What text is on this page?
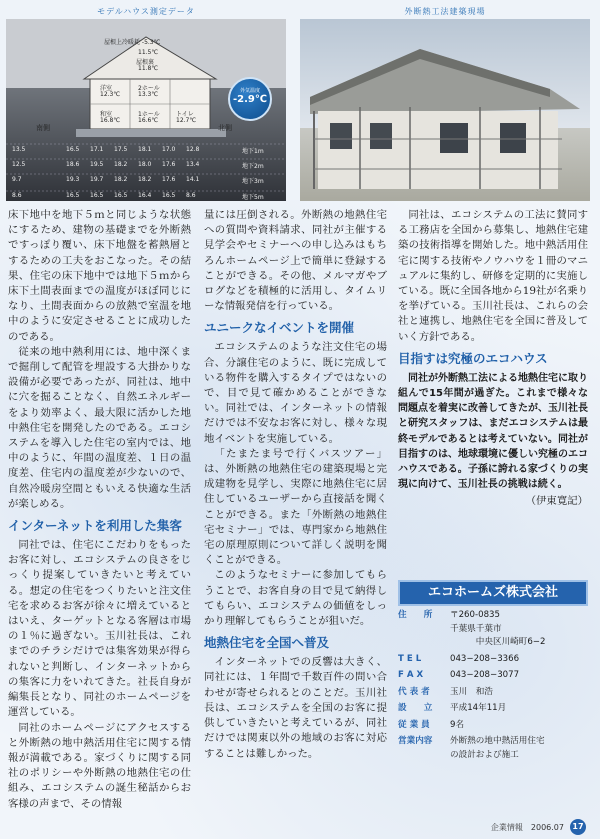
モデルハウス測定データ
屋根上冷暖耗 -5.3℃
11.5℃
屋根裏
11.8℃
洋室
12.3℃
2ホール
13.3℃
和室
16.8℃
1ホール
16.6℃
トイレ
12.7℃
外気温度
-2.9℃
南側	北側
13.5	16.5 17.1 17.5 18.1 17.0 12.8	地下1m
12.5	18.6 19.5 18.2 18.0 17.6 13.4	地下2m
9.7	19.3 19.7 18.2 18.2 17.6 14.1	地下3m
8.6	16.5 16.5 16.5 16.4 16.5 8.6	地下5m
外断熱工法建築現場

床下地中を地下５ｍと同じような状態にするため、建物の基礎までを外断熱ですっぽり覆い、床下地盤を蓄熱層とするための工夫をおこなった。その結果、住宅の床下地中では地下５ｍから床下土間表面までの温度がほぼ同じになり、土間表面からの放熱で室温を地中のように安定させることに成功したのである。

従来の地中熱利用には、地中深くまで掘削して配管を埋設する大掛かりな設備が必要であったが、同社は、地中に穴を掘ることなく、自然エネルギーをより効率よく、最大限に活かした地中熱住宅を開発したのである。エコシステムを導入した住宅の室内では、地中のように、年間の温度差、１日の温度差、住宅内の温度差が少ないので、自然冷暖房空間ともいえる快適な生活が楽しめる。

インターネットを利用した集客

同社では、住宅にこだわりをもったお客に対し、エコシステムの良さをじっくり提案していきたいと考えている。想定の住宅をつくりたいと注文住宅を求めるお客が徐々に増えているとはいえ、ターゲットとなる客層は市場の１％に過ぎない。玉川社長は、これまでのチラシだけでは集客効果が得られないと判断し、インターネットからの集客に力をいれてきた。社長自身が編集長となり、同社のホームページを運営している。

同社のホームページにアクセスすると外断熱の地中熱活用住宅に関する情報が満載である。家づくりに関する同社のポリシーや外断熱の地熱住宅の仕組み、エコシステムの誕生秘話からお客様の声まで、その情報

量には圧倒される。外断熱の地熱住宅への質問や資料請求、同社が主催する見学会やセミナーへの申し込みはもちろんホームページ上で簡単に登録することができる。その他、メルマガやブログなどを積極的に活用し、タイムリーな情報発信を行っている。

ユニークなイベントを開催

エコシステムのような注文住宅の場合、分譲住宅のように、既に完成している物件を購入するタイプではないので、目で見て確かめることができない。同社では、インターネットの情報だけでは不安なお客に対し、様々な現地イベントを実施している。

「たまたま号で行くバスツアー」は、外断熱の地熱住宅の建築現場と完成建物を見学し、実際に地熱住宅に居住しているユーザーから直接話を聞くことができる。また「外断熱の地熱住宅セミナー」では、専門家から地熱住宅の原理原則について詳しく説明を聞くことができる。

このようなセミナーに参加してもらうことで、お客自身の目で見て納得してもらい、エコシステムの価値をしっかり理解してもらうことが狙いだ。

地熱住宅を全国へ普及

インターネットでの反響は大きく、同社には、１年間で千数百件の問い合わせが寄せられるとのことだ。玉川社長は、エコシステムを全国のお客に提供していきたいと考えているが、同社だけでは関東以外の地域のお客に対応することは難しかった。

同社は、エコシステムの工法に賛同する工務店を全国から募集し、地熱住宅建築の技術指導を開始した。地中熱活用住宅に関する技術やノウハウを１冊のマニュアルに集約し、研修を定期的に実施している。既に全国各地から19社が名乗りを挙げている。玉川社長は、これらの会社と連携し、地熱住宅を全国に普及していく方針である。

目指すは究極のエコハウス

同社が外断熱工法による地熱住宅に取り組んで15年間が過ぎた。これまで様々な問題点を着実に改善してきたが、玉川社長と研究スタッフは、まだエコシステムは最終モデルであるとは考えていない。同社が目指すのは、地球環境に優しい究極のエコハウスである。子孫に誇れる家づくりの実現に向けて、玉川社長の挑戦は続く。

（伊東寛記）
エコホームズ株式会社
住　　所	〒260-0835
千葉県千葉市
　　　中央区川崎町6−2
T E L	043−208−3366
F A X	043−208−3077
代 表 者	玉川　和浩
設　　立	平成14年11月
従 業 員	9名
営業内容	外断熱の地中熱活用住宅
の設計および施工
企業情報　2006.07	17
